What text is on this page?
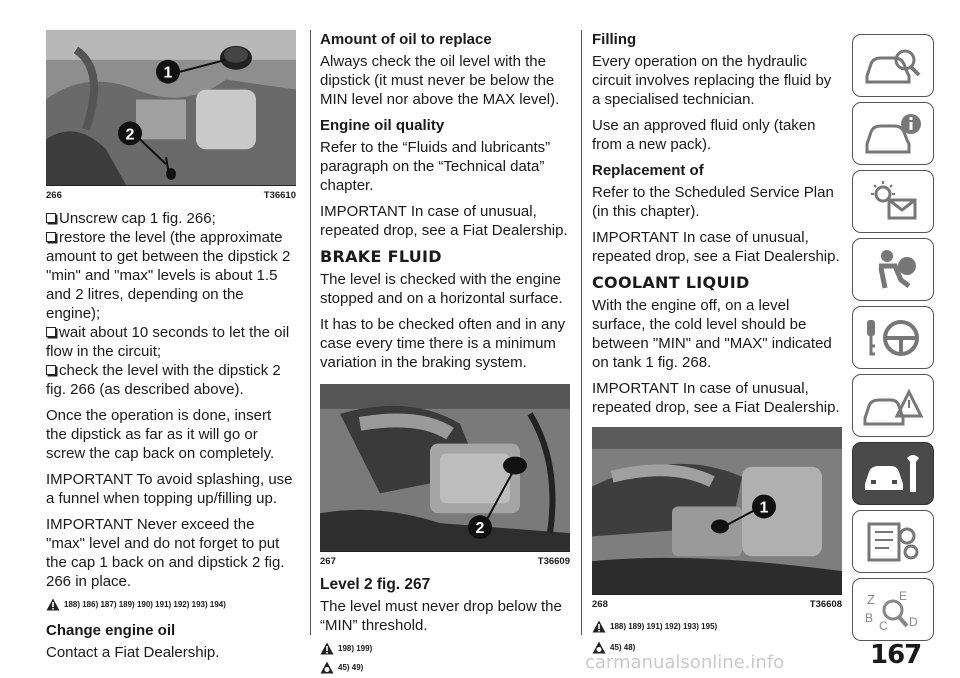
1
2
266	T36610
Unscrew cap 1 fig. 266;
restore the level (the approximate
amount to get between the dipstick 2 "min" and "max" levels is about 1.5 and 2 litres, depending on the engine);
wait about 10 seconds to let the oil
flow in the circuit;
check the level with the dipstick 2
fig. 266 (as described above).

Once the operation is done, insert the dipstick as far as it will go or screw the cap back on completely.

IMPORTANT To avoid splashing, use a funnel when topping up/filling up.

IMPORTANT Never exceed the "max" level and do not forget to put the cap 1 back on and dipstick 2 fig. 266 in place.

188) 186) 187) 189) 190) 191) 192) 193) 194)
Change engine oil

Contact a Fiat Dealership.

Amount of oil to replace

Always check the oil level with the dipstick (it must never be below the MIN level nor above the MAX level).

Engine oil quality

Refer to the “Fluids and lubricants” paragraph on the “Technical data” chapter.

IMPORTANT In case of unusual, repeated drop, see a Fiat Dealership.

BRAKE FLUID

The level is checked with the engine stopped and on a horizontal surface.

It has to be checked often and in any case every time there is a minimum variation in the braking system.

2
267	T36609
Level 2 fig. 267

The level must never drop below the “MIN” threshold.

198) 199)
45) 49)
Filling

Every operation on the hydraulic circuit involves replacing the fluid by a specialised technician.

Use an approved fluid only (taken from a new pack).

Replacement of

Refer to the Scheduled Service Plan (in this chapter).

IMPORTANT In case of unusual, repeated drop, see a Fiat Dealership.

COOLANT LIQUID

With the engine off, on a level surface, the cold level should be between "MIN" and "MAX" indicated on tank 1 fig. 268.

IMPORTANT In case of unusual, repeated drop, see a Fiat Dealership.

1
268	T36608
188) 189) 191) 192) 193) 195)
45) 48)
Z E
B	D
C
167
carmanualsonline.info
